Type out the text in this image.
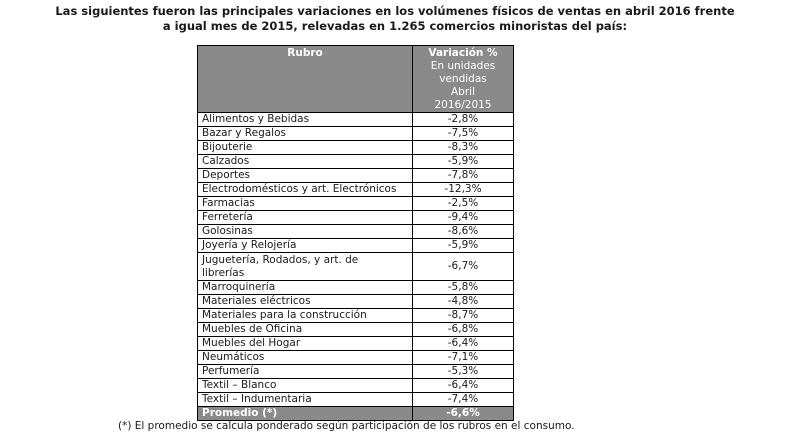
Las siguientes fueron las principales variaciones en los volúmenes físicos de ventas en abril 2016 frente
a igual mes de 2015, relevadas en 1.265 comercios minoristas del país:
Rubro	Variación %
En unidades
vendidas
Abril
2016/2015

Alimentos y Bebidas	-2,8%
Bazar y Regalos	-7,5%
Bijouterie	-8,3%
Calzados	-5,9%
Deportes	-7,8%
Electrodomésticos y art. Electrónicos	-12,3%
Farmacias	-2,5%
Ferretería	-9,4%
Golosinas	-8,6%
Joyería y Relojería	-5,9%

Juguetería, Rodados, y art. de
librerías	-6,7%
Marroquinería	-5,8%
Materiales eléctricos	-4,8%
Materiales para la construcción	-8,7%
Muebles de Oficina	-6,8%
Muebles del Hogar	-6,4%
Neumáticos	-7,1%
Perfumería	-5,3%
Textil – Blanco	-6,4%
Textil – Indumentaria	-7,4%
Promedio (*)	-6,6%
(*) El promedio se calcula ponderado según participación de los rubros en el consumo.
